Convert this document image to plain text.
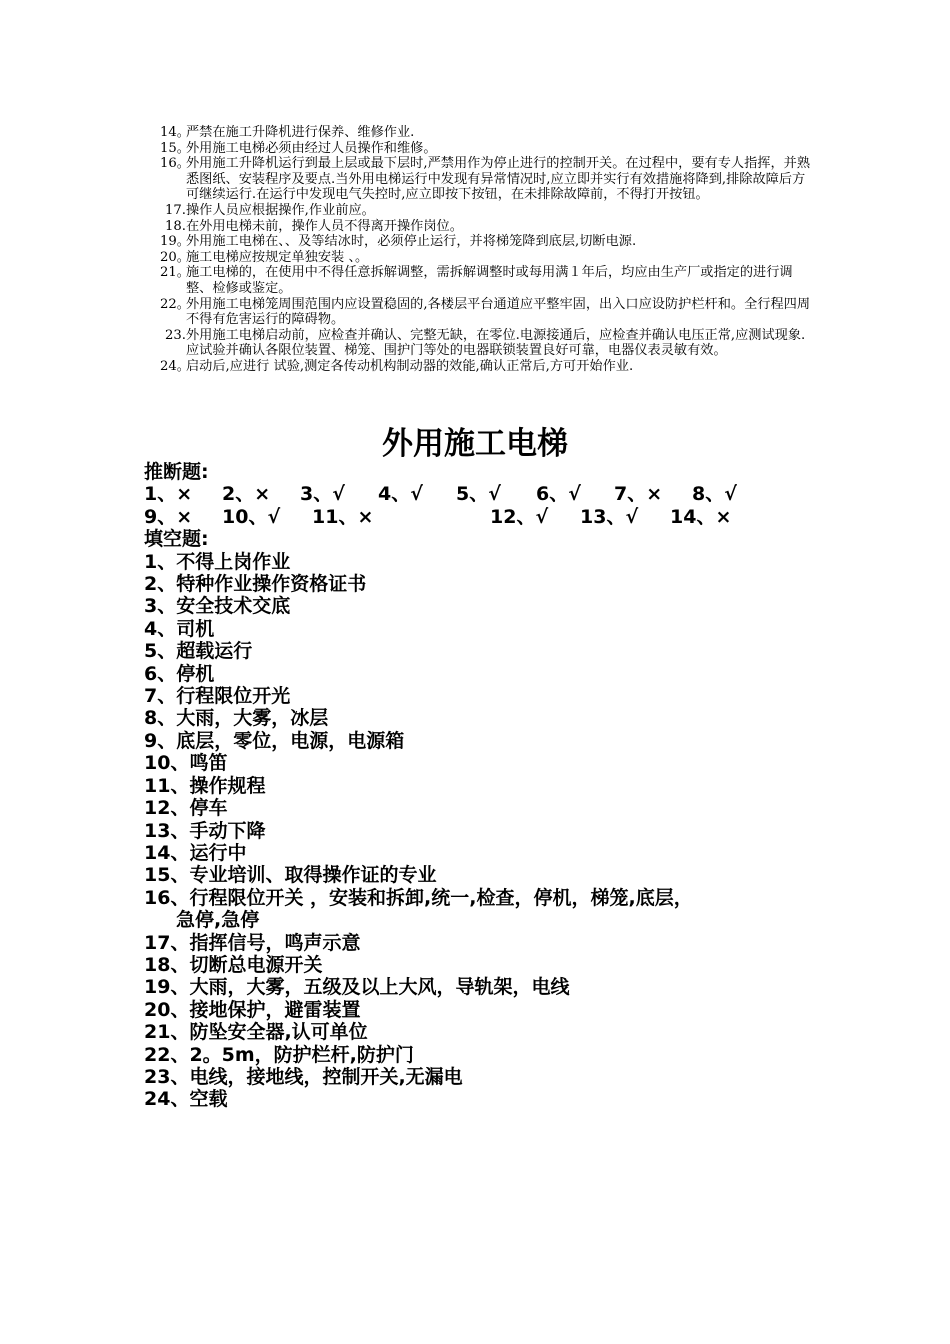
14。
严禁在施工升降机进行保养、维修作业.

15。
外用施工电梯必须由经过人员操作和维修。

16。
外用施工升降机运行到最上层或最下层时,严禁用作为停止进行的控制开关。在过程中，要有专人指挥，并熟悉图纸、安装程序及要点.当外用电梯运行中发现有异常情况时,应立即并实行有效措施将降到,排除故障后方可继续运行.在运行中发现电气失控时,应立即按下按钮，在未排除故障前，不得打开按钮。

17. 操作人员应根据操作,作业前应。

18. 在外用电梯未前，操作人员不得离开操作岗位。

19。
外用施工电梯在、、及等结冰时，必须停止运行，并将梯笼降到底层,切断电源.

20。
施工电梯应按规定单独安装 、。

21。
施工电梯的，在使用中不得任意拆解调整，需拆解调整时或每用满１年后，均应由生产厂或指定的进行调整、检修或鉴定。

22。
外用施工电梯笼周围范围内应设置稳固的,各楼层平台通道应平整牢固，出入口应设防护栏杆和。全行程四周不得有危害运行的障碍物。

23. 外用施工电梯启动前，应检查并确认、完整无缺，在零位.电源接通后，应检查并确认电压正常,应测试现象.应试验并确认各限位装置、梯笼、围护门等处的电器联锁装置良好可靠，电器仪表灵敏有效。

24。
启动后,应进行 试验,测定各传动机构制动器的效能,确认正常后,方可开始作业.

外用施工电梯

推断题:

1、×	2、×	3、√	4、√	5、√	6、√	7、×	8、√
9、×	10、√	11、×	12、√	13、√	14、×

填空题:

1、不得上岗作业
2、特种作业操作资格证书
3、安全技术交底
4、司机
5、超载运行
6、停机
7、行程限位开光
8、大雨，大雾，冰层
9、底层，零位，电源，电源箱
10、鸣笛
11、操作规程
12、停车
13、手动下降
14、运行中
15、专业培训、取得操作证的专业
16、行程限位开关 ，安装和拆卸,统一,检查，停机，梯笼,底层，
急停,急停
17、指挥信号，鸣声示意
18、切断总电源开关
19、大雨，大雾，五级及以上大风，导轨架，电线
20、接地保护，避雷装置
21、防坠安全器,认可单位
22、2。5m，防护栏杆,防护门
23、电线，接地线，控制开关,无漏电
24、空载
